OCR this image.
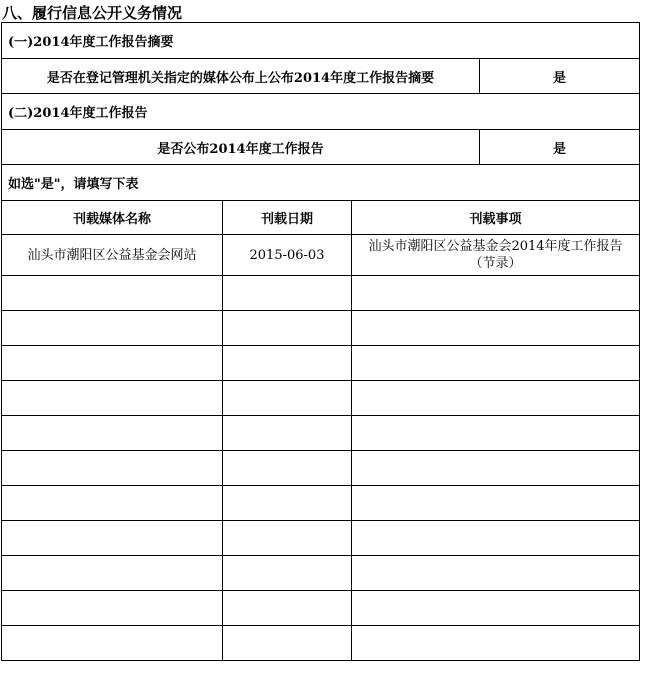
八、履行信息公开义务情况
(一)2014年度工作报告摘要			
是否在登记管理机关指定的媒体公布上公布2014年度工作报告摘要			是
(二)2014年度工作报告			
是否公布2014年度工作报告			是
如选"是"，请填写下表			
刊载媒体名称	刊载日期	刊载事项	
汕头市潮阳区公益基金会网站	2015-06-03	汕头市潮阳区公益基金会2014年度工作报告（节录）	
